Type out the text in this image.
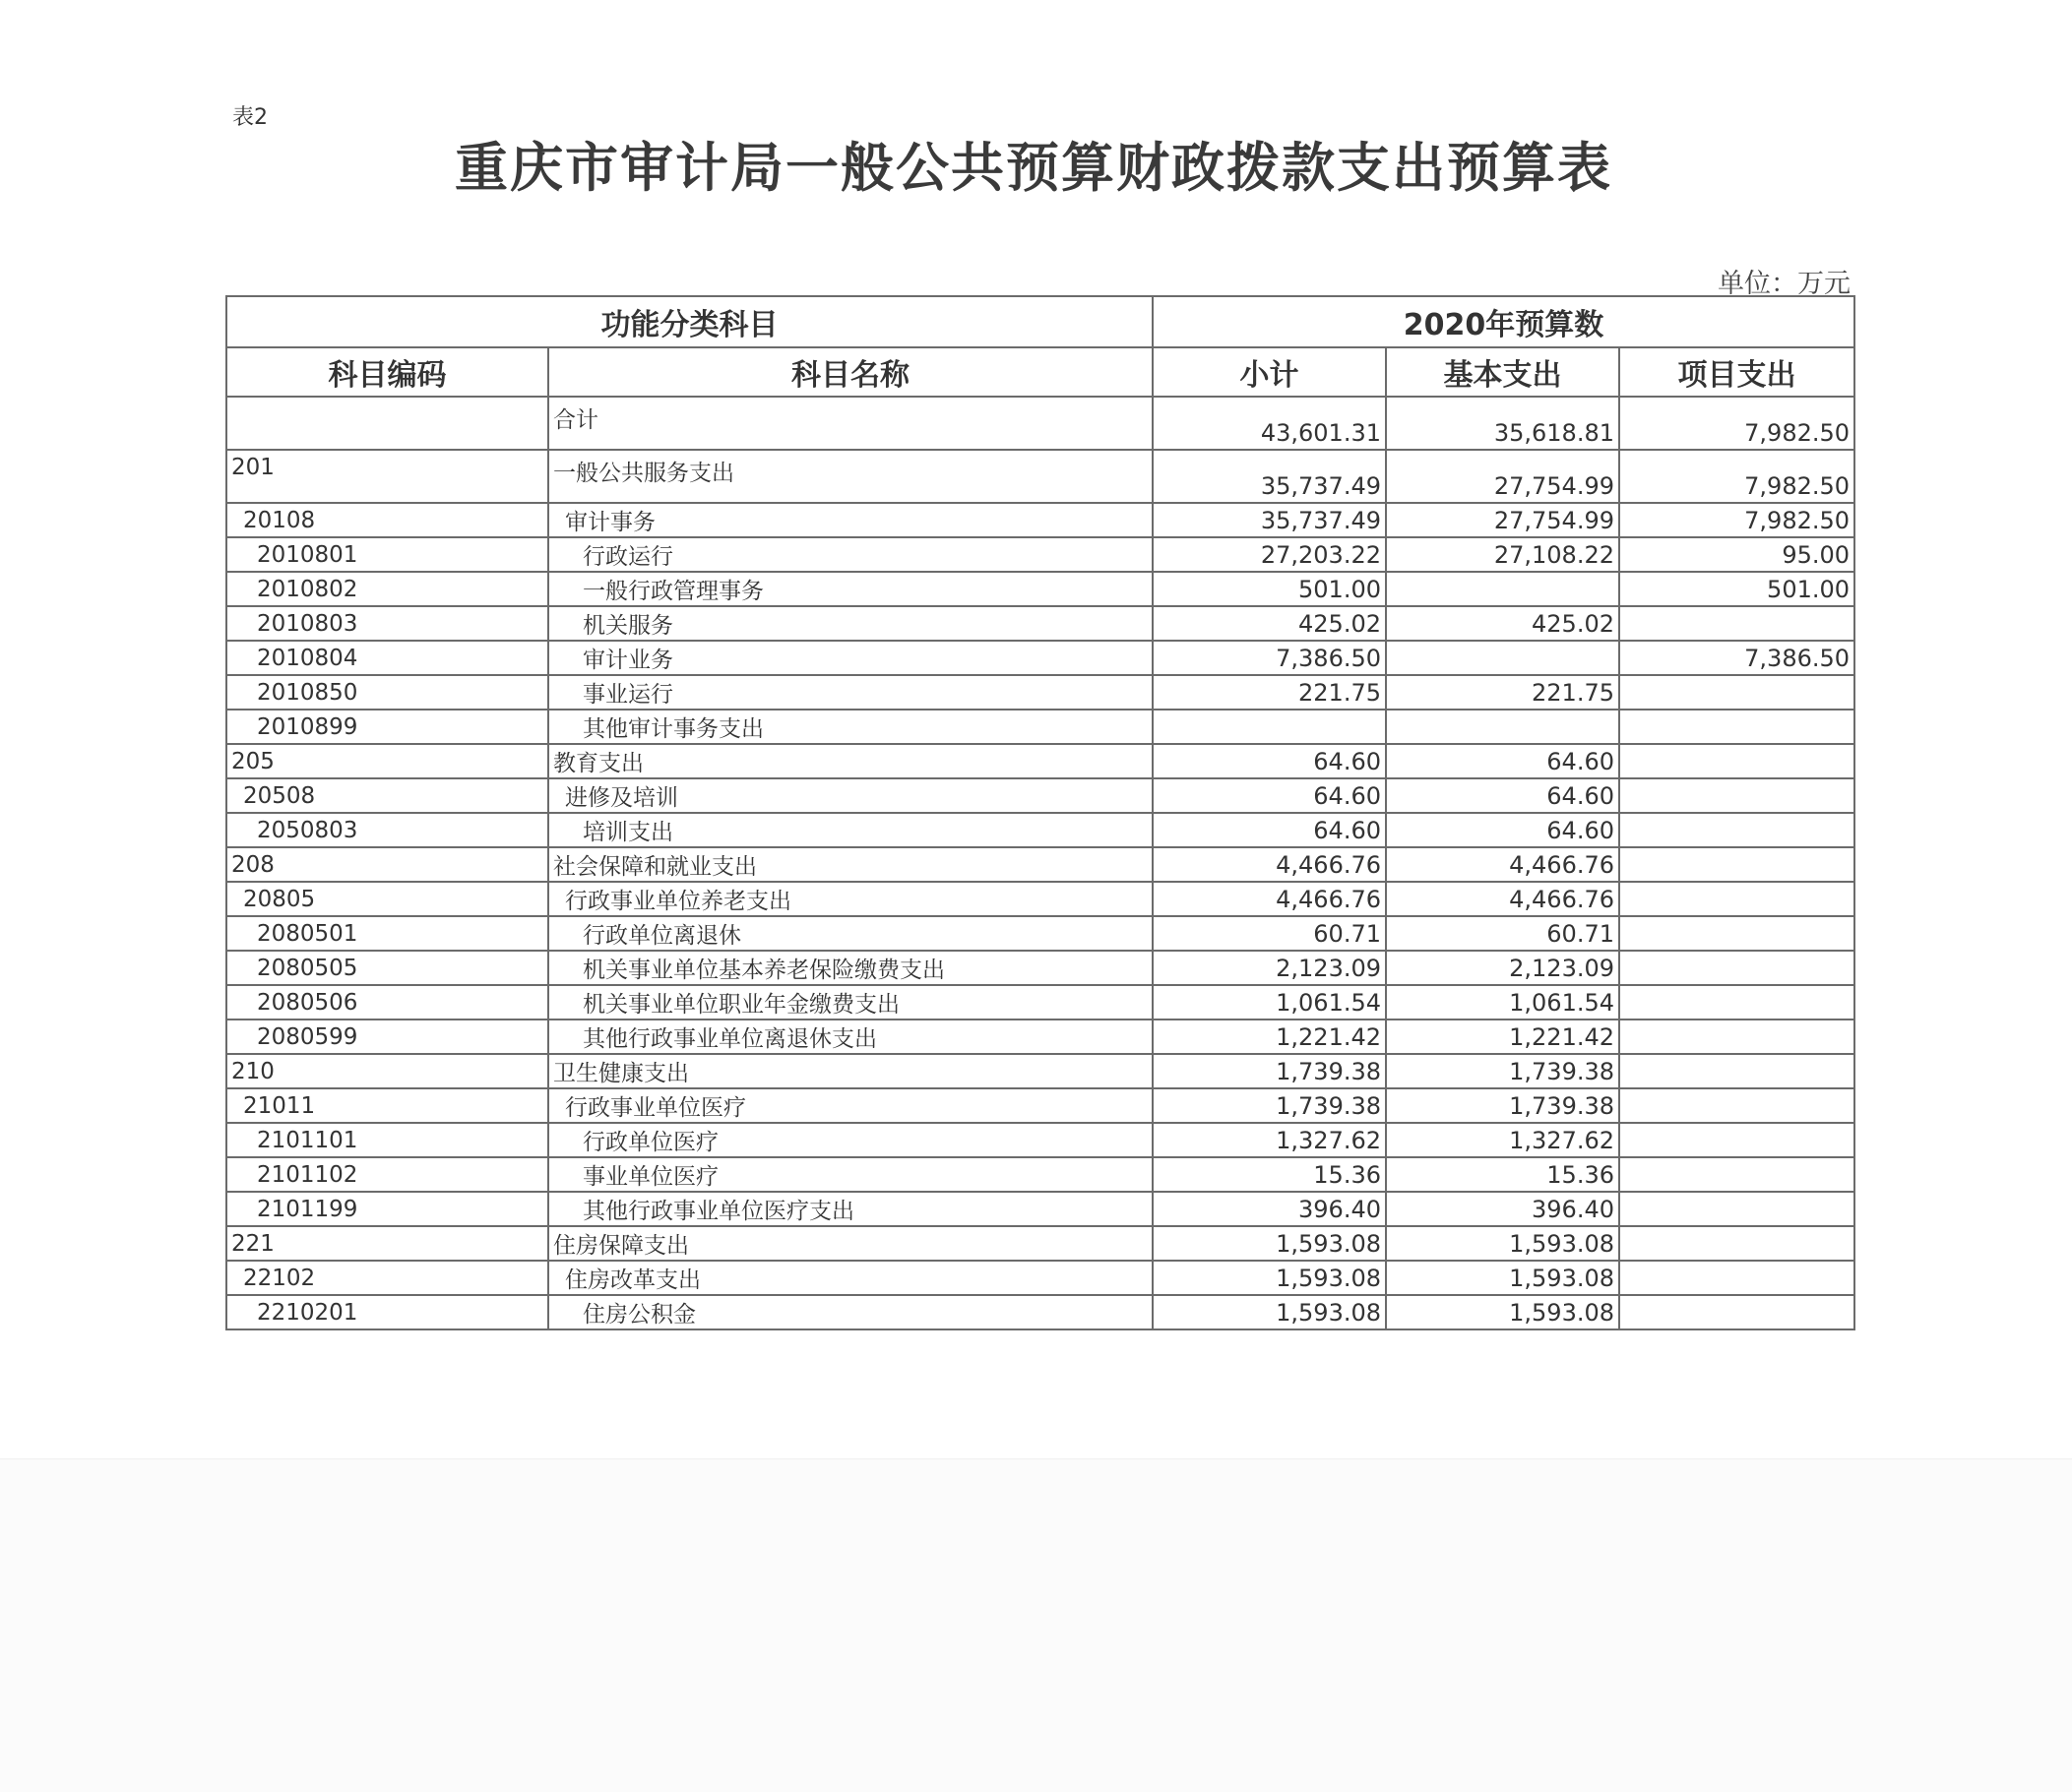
表2
重庆市审计局一般公共预算财政拨款支出预算表
单位：万元
功能分类科目		2020年预算数		
科目编码	科目名称	小计	基本支出	项目支出
	合计	43,601.31	35,618.81	7,982.50
201	一般公共服务支出	35,737.49	27,754.99	7,982.50
20108	审计事务	35,737.49	27,754.99	7,982.50
2010801	行政运行	27,203.22	27,108.22	95.00
2010802	一般行政管理事务	501.00		501.00
2010803	机关服务	425.02	425.02	
2010804	审计业务	7,386.50		7,386.50
2010850	事业运行	221.75	221.75	
2010899	其他审计事务支出			
205	教育支出	64.60	64.60	
20508	进修及培训	64.60	64.60	
2050803	培训支出	64.60	64.60	
208	社会保障和就业支出	4,466.76	4,466.76	
20805	行政事业单位养老支出	4,466.76	4,466.76	
2080501	行政单位离退休	60.71	60.71	
2080505	机关事业单位基本养老保险缴费支出	2,123.09	2,123.09	
2080506	机关事业单位职业年金缴费支出	1,061.54	1,061.54	
2080599	其他行政事业单位离退休支出	1,221.42	1,221.42	
210	卫生健康支出	1,739.38	1,739.38	
21011	行政事业单位医疗	1,739.38	1,739.38	
2101101	行政单位医疗	1,327.62	1,327.62	
2101102	事业单位医疗	15.36	15.36	
2101199	其他行政事业单位医疗支出	396.40	396.40	
221	住房保障支出	1,593.08	1,593.08	
22102	住房改革支出	1,593.08	1,593.08	
2210201	住房公积金	1,593.08	1,593.08	
